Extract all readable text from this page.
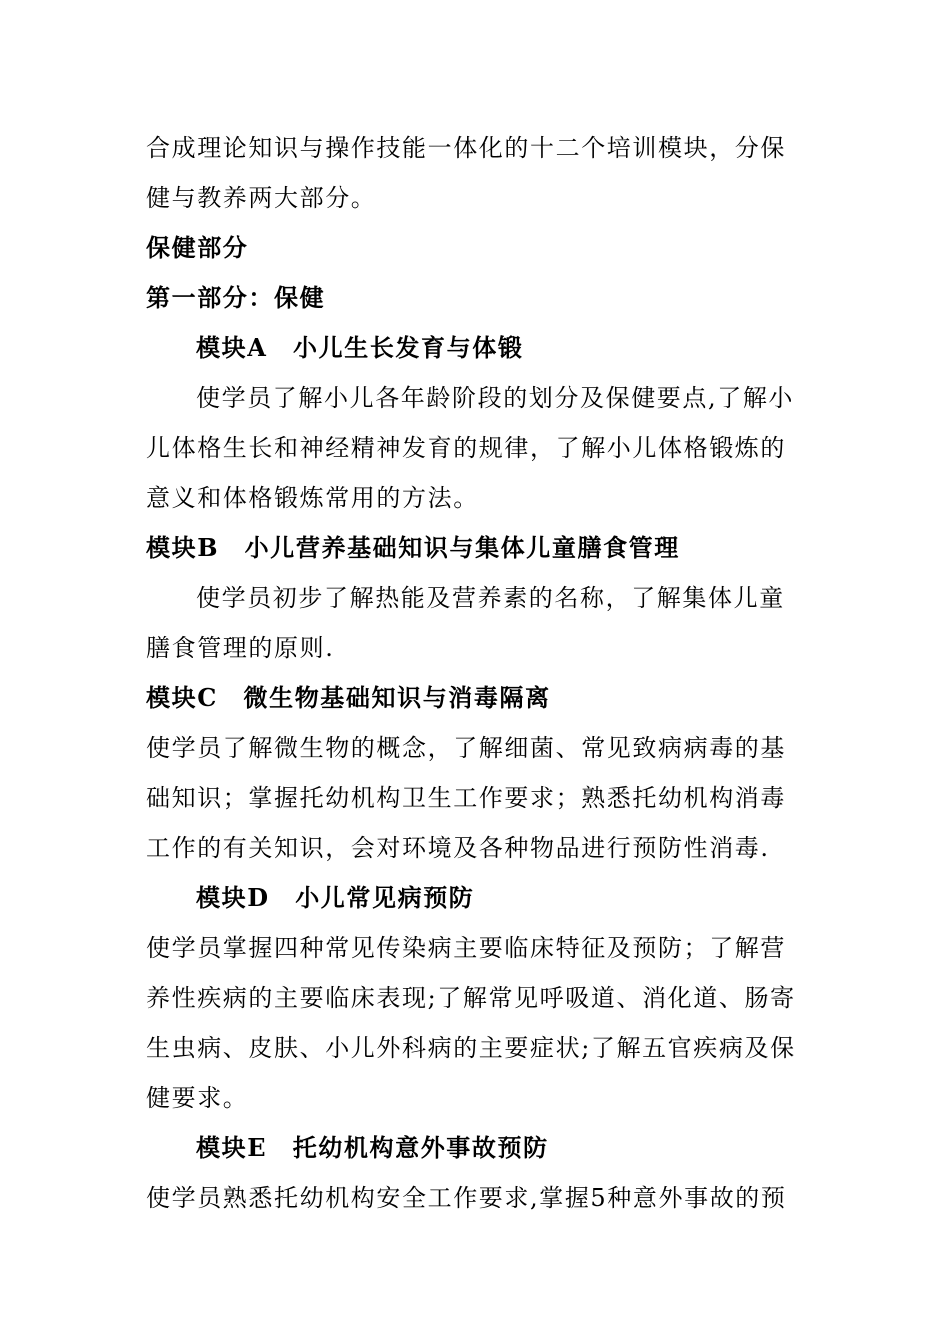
合成理论知识与操作技能一体化的十二个培训模块，分保
健与教养两大部分。
保健部分
第一部分：保健
模块A　小儿生长发育与体锻
使学员了解小儿各年龄阶段的划分及保健要点,了解小
儿体格生长和神经精神发育的规律，了解小儿体格锻炼的
意义和体格锻炼常用的方法。
模块B　小儿营养基础知识与集体儿童膳食管理
使学员初步了解热能及营养素的名称，了解集体儿童
膳食管理的原则.
模块C　微生物基础知识与消毒隔离
使学员了解微生物的概念，了解细菌、常见致病病毒的基
础知识；掌握托幼机构卫生工作要求；熟悉托幼机构消毒
工作的有关知识，会对环境及各种物品进行预防性消毒.
模块D　小儿常见病预防
使学员掌握四种常见传染病主要临床特征及预防；了解营
养性疾病的主要临床表现;了解常见呼吸道、消化道、肠寄
生虫病、皮肤、小儿外科病的主要症状;了解五官疾病及保
健要求。
模块E　托幼机构意外事故预防
使学员熟悉托幼机构安全工作要求,掌握5种意外事故的预
